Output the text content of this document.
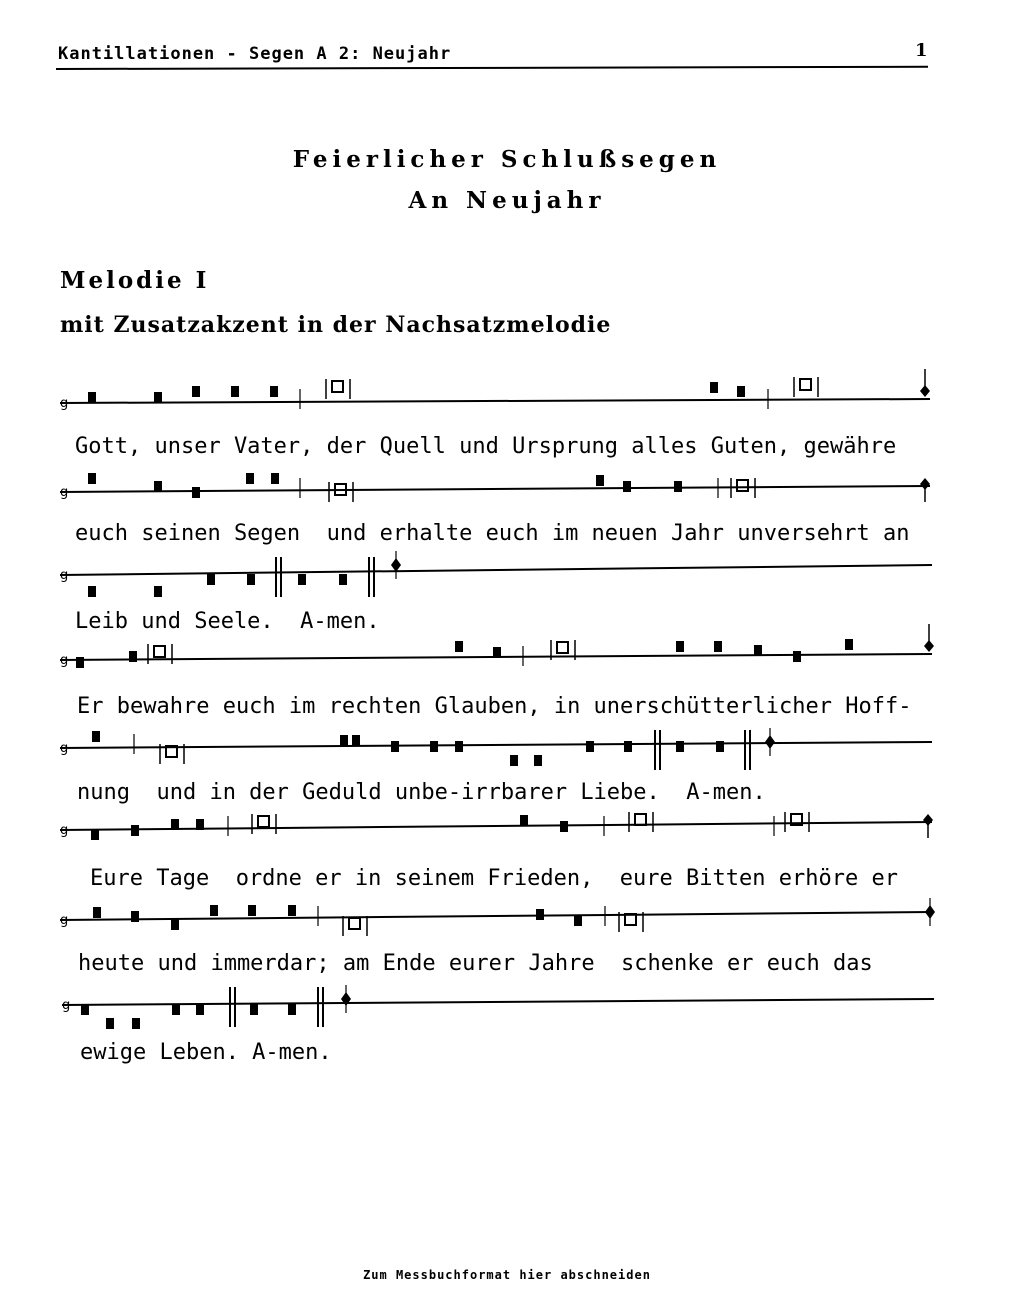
Kantillationen - Segen A 2: Neujahr	1
Feierlicher Schlußsegen
An Neujahr
Melodie I
mit Zusatzakzent in der Nachsatzmelodie
g
g
g
g
g
g
g
g
Gott, unser Vater, der Quell und Ursprung alles Guten, gewähre
euch seinen Segen  und erhalte euch im neuen Jahr unversehrt an
Leib und Seele.  A-men.
Er bewahre euch im rechten Glauben, in unerschütterlicher Hoff-
nung  und in der Geduld unbe-irrbarer Liebe.  A-men.
Eure Tage  ordne er in seinem Frieden,  eure Bitten erhöre er
heute und immerdar; am Ende eurer Jahre  schenke er euch das
ewige Leben. A-men.
Zum Messbuchformat hier abschneiden
